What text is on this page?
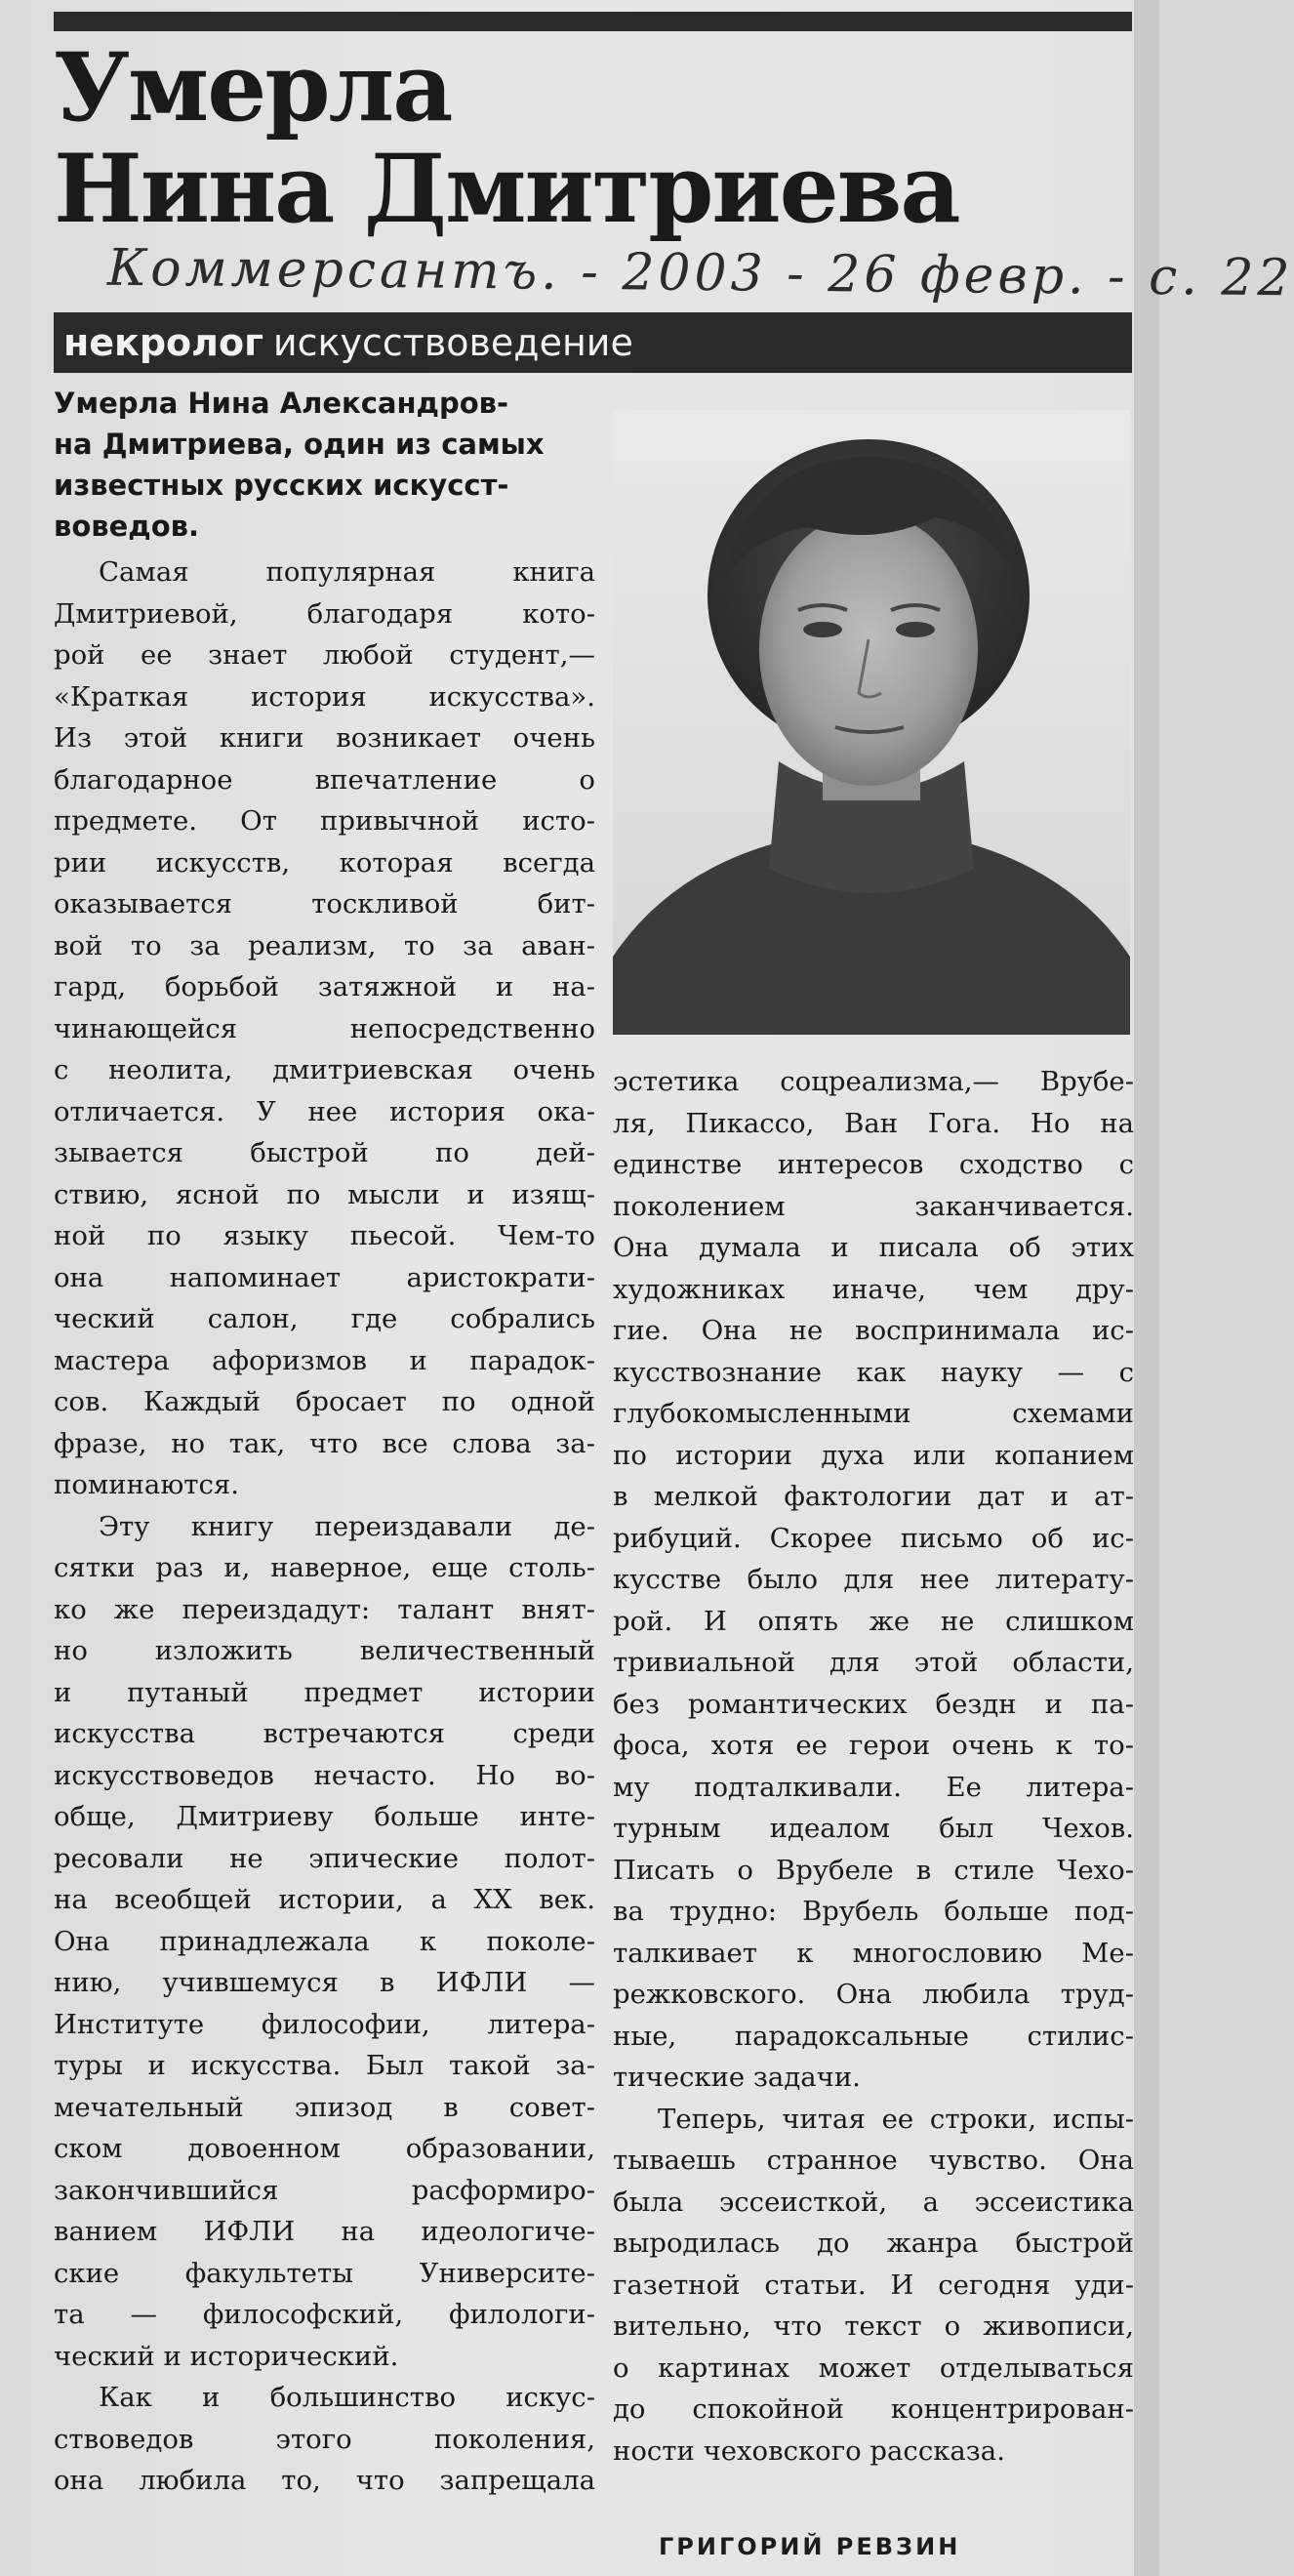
Умерла
Нина Дмитриева
Коммерсантъ. - 2003 - 26 февр. - с. 22
некролог искусствоведение
Умерла Нина Александров-
на Дмитриева, один из самых
известных русских искусст-
воведов.

Самая популярная книга

Дмитриевой, благодаря кото-

рой ее знает любой студент,—

«Краткая история искусства».

Из этой книги возникает очень

благодарное впечатление о

предмете. От привычной исто-

рии искусств, которая всегда

оказывается тоскливой бит-

вой то за реализм, то за аван-

гард, борьбой затяжной и на-

чинающейся непосредственно

с неолита, дмитриевская очень

отличается. У нее история ока-

зывается быстрой по дей-

ствию, ясной по мысли и изящ-

ной по языку пьесой. Чем-то

она напоминает аристократи-

ческий салон, где собрались

мастера афоризмов и парадок-

сов. Каждый бросает по одной

фразе, но так, что все слова за-

поминаются.

Эту книгу переиздавали де-

сятки раз и, наверное, еще столь-

ко же переиздадут: талант внят-

но изложить величественный

и путаный предмет истории

искусства встречаются среди

искусствоведов нечасто. Но во-

обще, Дмитриеву больше инте-

ресовали не эпические полот-

на всеобщей истории, а XX век.

Она принадлежала к поколе-

нию, учившемуся в ИФЛИ —

Институте философии, литера-

туры и искусства. Был такой за-

мечательный эпизод в совет-

ском довоенном образовании,

закончившийся расформиро-

ванием ИФЛИ на идеологиче-

ские факультеты Университе-

та — философский, филологи-

ческий и исторический.

Как и большинство искус-

ствоведов этого поколения,

она любила то, что запрещала

эстетика соцреализма,— Врубе-

ля, Пикассо, Ван Гога. Но на

единстве интересов сходство с

поколением заканчивается.

Она думала и писала об этих

художниках иначе, чем дру-

гие. Она не воспринимала ис-

кусствознание как науку — с

глубокомысленными схемами

по истории духа или копанием

в мелкой фактологии дат и ат-

рибуций. Скорее письмо об ис-

кусстве было для нее литерату-

рой. И опять же не слишком

тривиальной для этой области,

без романтических бездн и па-

фоса, хотя ее герои очень к то-

му подталкивали. Ее литера-

турным идеалом был Чехов.

Писать о Врубеле в стиле Чехо-

ва трудно: Врубель больше под-

талкивает к многословию Ме-

режковского. Она любила труд-

ные, парадоксальные стилис-

тические задачи.

Теперь, читая ее строки, испы-

тываешь странное чувство. Она

была эссеисткой, а эссеистика

выродилась до жанра быстрой

газетной статьи. И сегодня уди-

вительно, что текст о живописи,

о картинах может отделываться

до спокойной концентрирован-

ности чеховского рассказа.

ГРИГОРИЙ РЕВЗИН
